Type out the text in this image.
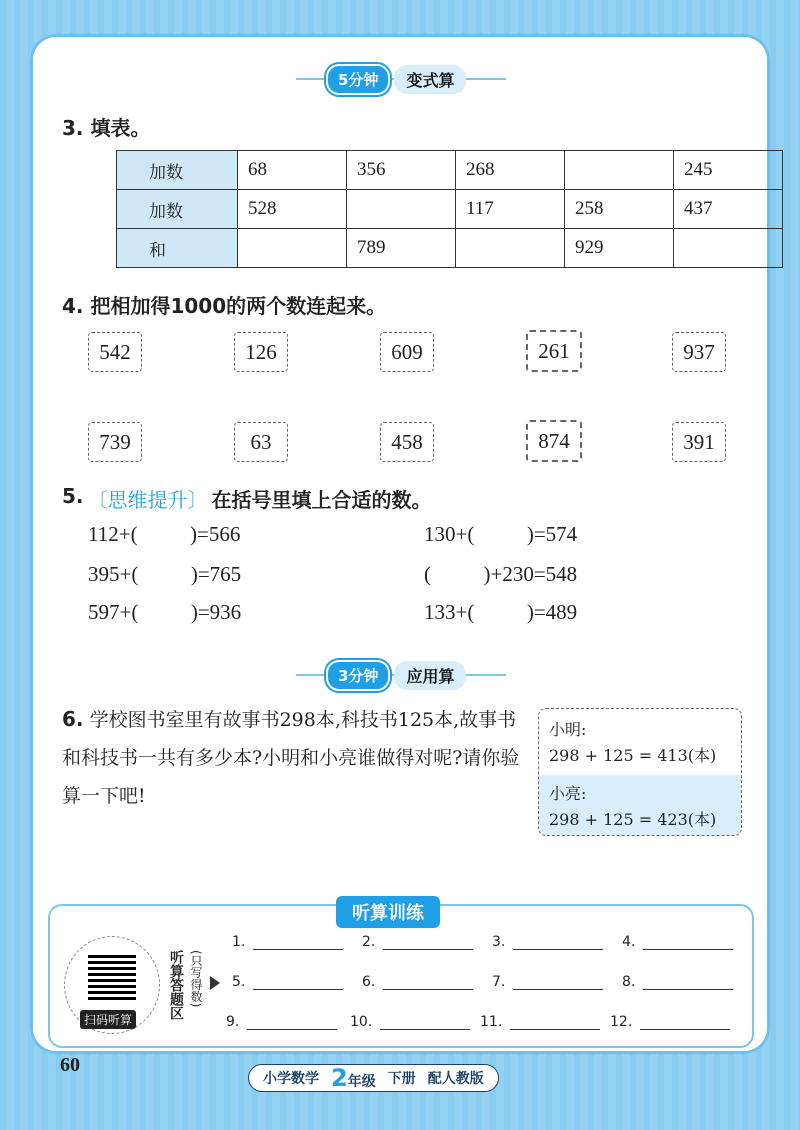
5分钟	变式算
3. 填表。
加数	68	356	268		245
加数	528		117	258	437
和		789		929	
4. 把相加得1000的两个数连起来。
542	126	609	261	937
739	63	458	874	391
5. 〔思维提升〕 在括号里填上合适的数。
112+(          )=566
395+(          )=765
597+(          )=936
130+(          )=574
(          )+230=548
133+(          )=489
3分钟	应用算
6. 学校图书室里有故事书298本,科技书125本,故事书和科技书一共有多少本?小明和小亮谁做得对呢?请你验算一下吧!
小明:
298 + 125 = 413(本)
小亮:
298 + 125 = 423(本)
听算训练
扫码听算	听算答题区 (只写得数)
1.	2.	3.	4.
5.	6.	7.	8.
9.	10.	11.	12.
60
小学数学 2年级 下册 配人教版
